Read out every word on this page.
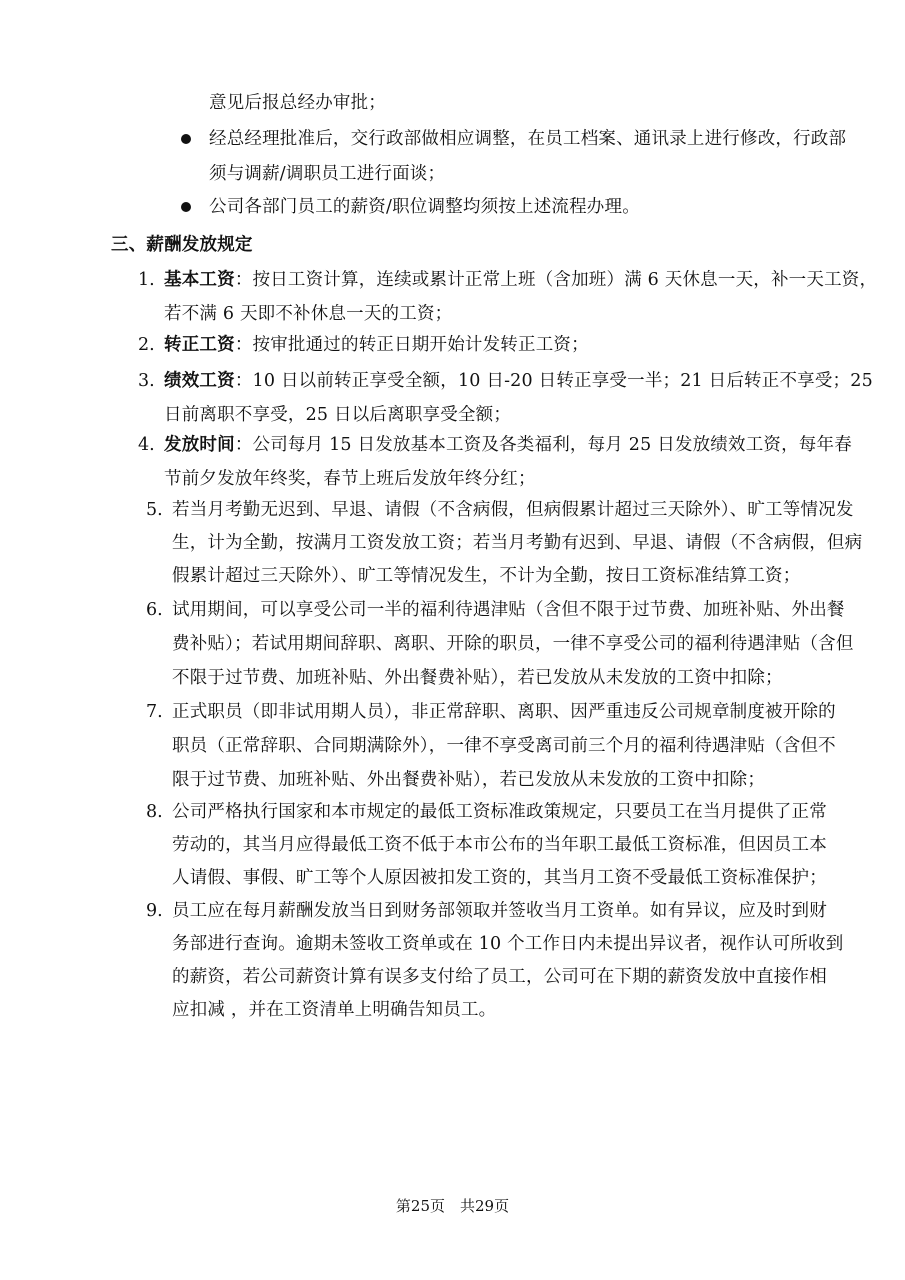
意见后报总经办审批；
经总经理批准后，交行政部做相应调整，在员工档案、通讯录上进行修改，行政部
须与调薪/调职员工进行面谈；
公司各部门员工的薪资/职位调整均须按上述流程办理。
三、薪酬发放规定
1. 基本工资：按日工资计算，连续或累计正常上班（含加班）满 6 天休息一天，补一天工资，
若不满 6 天即不补休息一天的工资；
2. 转正工资：按审批通过的转正日期开始计发转正工资；
3. 绩效工资：10 日以前转正享受全额，10 日-20 日转正享受一半；21 日后转正不享受；25
日前离职不享受，25 日以后离职享受全额；
4. 发放时间：公司每月 15 日发放基本工资及各类福利，每月 25 日发放绩效工资，每年春
节前夕发放年终奖，春节上班后发放年终分红；
5. 若当月考勤无迟到、早退、请假（不含病假，但病假累计超过三天除外）、旷工等情况发
生，计为全勤，按满月工资发放工资；若当月考勤有迟到、早退、请假（不含病假，但病
假累计超过三天除外）、旷工等情况发生，不计为全勤，按日工资标准结算工资；
6. 试用期间，可以享受公司一半的福利待遇津贴（含但不限于过节费、加班补贴、外出餐
费补贴）；若试用期间辞职、离职、开除的职员，一律不享受公司的福利待遇津贴（含但
不限于过节费、加班补贴、外出餐费补贴），若已发放从未发放的工资中扣除；
7. 正式职员（即非试用期人员），非正常辞职、离职、因严重违反公司规章制度被开除的
职员（正常辞职、合同期满除外），一律不享受离司前三个月的福利待遇津贴（含但不
限于过节费、加班补贴、外出餐费补贴），若已发放从未发放的工资中扣除；
8. 公司严格执行国家和本市规定的最低工资标准政策规定，只要员工在当月提供了正常
劳动的，其当月应得最低工资不低于本市公布的当年职工最低工资标准，但因员工本
人请假、事假、旷工等个人原因被扣发工资的，其当月工资不受最低工资标准保护；
9. 员工应在每月薪酬发放当日到财务部领取并签收当月工资单。如有异议，应及时到财
务部进行查询。逾期未签收工资单或在 10 个工作日内未提出异议者，视作认可所收到
的薪资，若公司薪资计算有误多支付给了员工，公司可在下期的薪资发放中直接作相
应扣减 ，并在工资清单上明确告知员工。
第25页　共29页
